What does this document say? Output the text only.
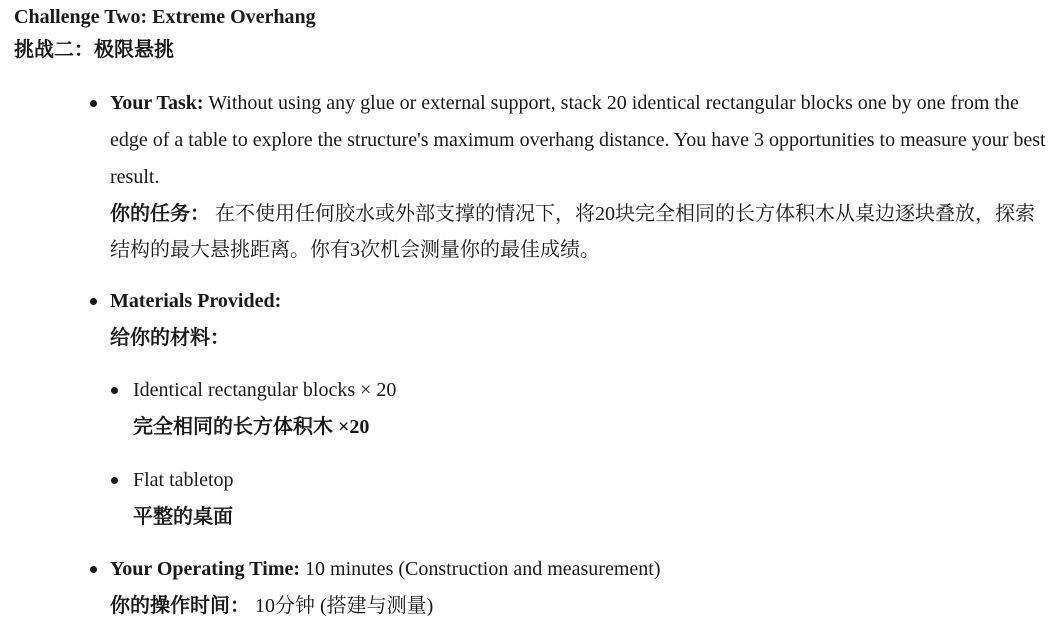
Challenge Two: Extreme Overhang
挑战二：极限悬挑
Your Task: Without using any glue or external support, stack 20 identical rectangular blocks one by one from the edge of a table to explore the structure's maximum overhang distance. You have 3 opportunities to measure your best result.
你的任务： 在不使用任何胶水或外部支撑的情况下，将20块完全相同的长方体积木从桌边逐块叠放，探索结构的最大悬挑距离。你有3次机会测量你的最佳成绩。
Materials Provided:
给你的材料：
Identical rectangular blocks × 20
完全相同的长方体积木 ×20
Flat tabletop
平整的桌面
Your Operating Time: 10 minutes (Construction and measurement)
你的操作时间： 10分钟 (搭建与测量)
